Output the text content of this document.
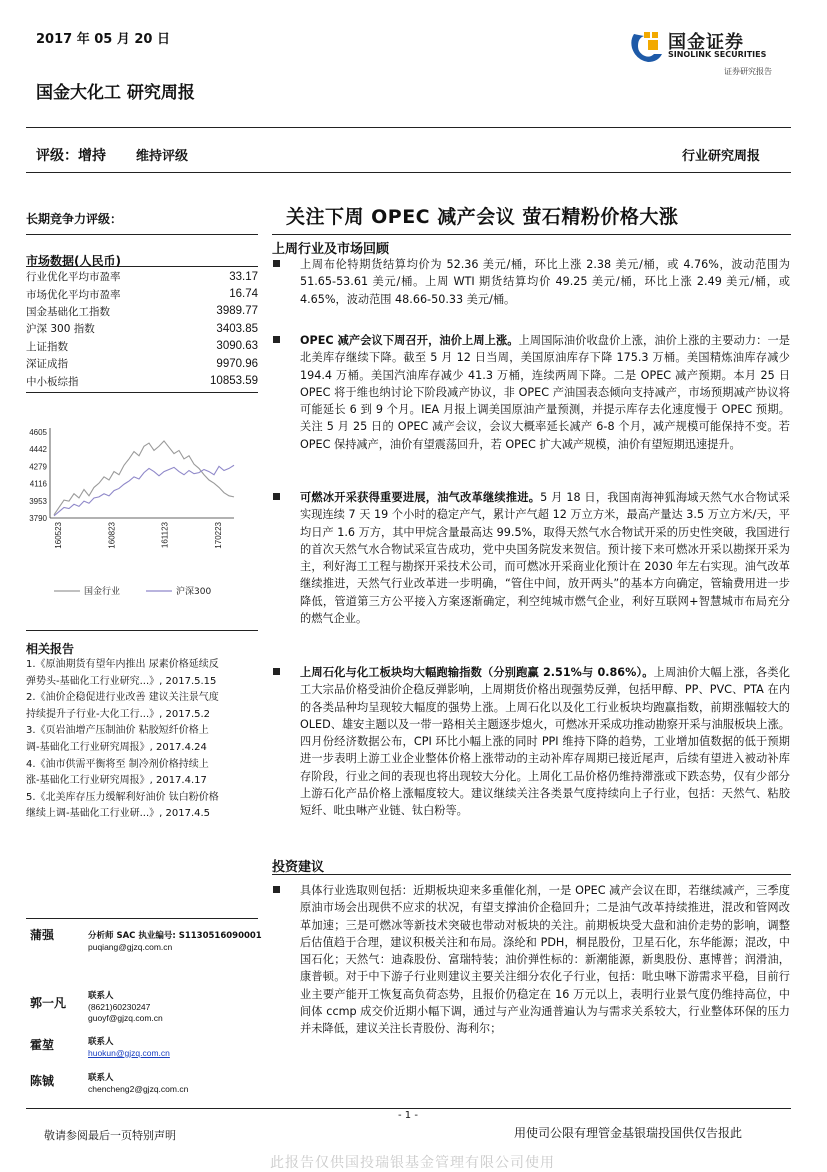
2017 年 05 月 20 日
国金大化工 研究周报
国金证券
SINOLINK SECURITIES
证券研究报告
评级：增持 维持评级	行业研究周报
长期竞争力评级：
市场数据(人民币)
行业优化平均市盈率	33.17
市场优化平均市盈率	16.74
国金基础化工指数	3989.77
沪深 300 指数	3403.85
上证指数	3090.63
深证成指	9970.96
中小板综指	10853.59
4605
4442
4279
4116
3953
3790
160523	160823	161123	170223
国金行业	沪深300
相关报告
1.《原油期货有望年内推出 尿素价格延续反
弹势头-基础化工行业研究...》, 2017.5.15
2.《油价企稳促进行业改善 建议关注景气度
持续提升子行业-大化工行...》, 2017.5.2
3.《页岩油增产压制油价 粘胶短纤价格上
调-基础化工行业研究周报》, 2017.4.24
4.《油市供需平衡将至 制冷剂价格持续上
涨-基础化工行业研究周报》, 2017.4.17
5.《北美库存压力缓解利好油价 钛白粉价格
继续上调-基础化工行业研...》, 2017.4.5
蒲强	分析师 SAC 执业编号: S1130516090001
puqiang@gjzq.com.cn
郭一凡	联系人
(8621)60230247
guoyf@gjzq.com.cn
霍堃	联系人
huokun@gjzq.com.cn
陈铖	联系人
chencheng2@gjzq.com.cn
关注下周 OPEC 减产会议 萤石精粉价格大涨
上周行业及市场回顾
上周布伦特期货结算均价为 52.36 美元/桶，环比上涨 2.38 美元/桶，或 4.76%，波动范围为 51.65-53.61 美元/桶。上周 WTI 期货结算均价 49.25 美元/桶，环比上涨 2.49 美元/桶，或 4.65%，波动范围 48.66-50.33 美元/桶。
OPEC 减产会议下周召开，油价上周上涨。上周国际油价收盘价上涨，油价上涨的主要动力：一是北美库存继续下降。截至 5 月 12 日当周，美国原油库存下降 175.3 万桶。美国精炼油库存减少 194.4 万桶。美国汽油库存减少 41.3 万桶，连续两周下降。二是 OPEC 减产预期。本月 25 日 OPEC 将于维也纳讨论下阶段减产协议，非 OPEC 产油国表态倾向支持减产，市场预期减产协议将可能延长 6 到 9 个月。IEA 月报上调美国原油产量预测，并提示库存去化速度慢于 OPEC 预期。关注 5 月 25 日的 OPEC 减产会议，会议大概率延长减产 6-8 个月，减产规模可能保持不变。若 OPEC 保持减产，油价有望震荡回升，若 OPEC 扩大减产规模，油价有望短期迅速提升。
可燃冰开采获得重要进展，油气改革继续推进。5 月 18 日，我国南海神狐海域天然气水合物试采实现连续 7 天 19 个小时的稳定产气，累计产气超 12 万立方米，最高产量达 3.5 万立方米/天，平均日产 1.6 万方，其中甲烷含量最高达 99.5%，取得天然气水合物试开采的历史性突破，我国进行的首次天然气水合物试采宣告成功，党中央国务院发来贺信。预计接下来可燃冰开采以勘探开采为主，利好海工工程与勘探开采技术公司，而可燃冰开采商业化预计在 2030 年左右实现。油气改革继续推进，天然气行业改革进一步明确，“管住中间，放开两头”的基本方向确定，管输费用进一步降低，管道第三方公平接入方案逐渐确定，利空纯城市燃气企业，利好互联网+智慧城市布局充分的燃气企业。
上周石化与化工板块均大幅跑输指数（分别跑赢 2.51%与 0.86%）。上周油价大幅上涨，各类化工大宗品价格受油价企稳反弹影响，上周期货价格出现强势反弹，包括甲醇、PP、PVC、PTA 在内的各类品种均呈现较大幅度的强势上涨。上周石化以及化工行业板块均跑赢指数，前期涨幅较大的 OLED、雄安主题以及一带一路相关主题逐步熄火，可燃冰开采成功推动勘察开采与油服板块上涨。四月份经济数据公布，CPI 环比小幅上涨的同时 PPI 维持下降的趋势，工业增加值数据的低于预期进一步表明上游工业企业整体价格上涨带动的主动补库存周期已接近尾声，后续有望进入被动补库存阶段，行业之间的表现也将出现较大分化。上周化工品价格仍维持滞涨或下跌态势，仅有少部分上游石化产品价格上涨幅度较大。建议继续关注各类景气度持续向上子行业，包括：天然气、粘胶短纤、吡虫啉产业链、钛白粉等。
投资建议
具体行业选取则包括：近期板块迎来多重催化剂，一是 OPEC 减产会议在即，若继续减产，三季度原油市场会出现供不应求的状况，有望支撑油价企稳回升；二是油气改革持续推进，混改和管网改革加速；三是可燃冰等新技术突破也带动对板块的关注。前期板块受大盘和油价走势的影响，调整后估值趋于合理，建议积极关注和布局。涤纶和 PDH，桐昆股份，卫星石化，东华能源；混改，中国石化；天然气：迪森股份、富瑞特装；油价弹性标的：新潮能源，新奥股份、惠博普；润滑油，康普顿。对于中下游子行业则建议主要关注细分农化子行业，包括：吡虫啉下游需求平稳，目前行业主要产能开工恢复高负荷态势，且报价仍稳定在 16 万元以上，表明行业景气度仍维持高位，中间体 ccmp 成交价近期小幅下调，通过与产业沟通普遍认为与需求关系较大，行业整体环保的压力并未降低，建议关注长青股份、海利尔；
- 1 -
敬请参阅最后一页特别声明	用使司公限有理管金基银瑞投国供仅告报此
此报告仅供国投瑞银基金管理有限公司使用
